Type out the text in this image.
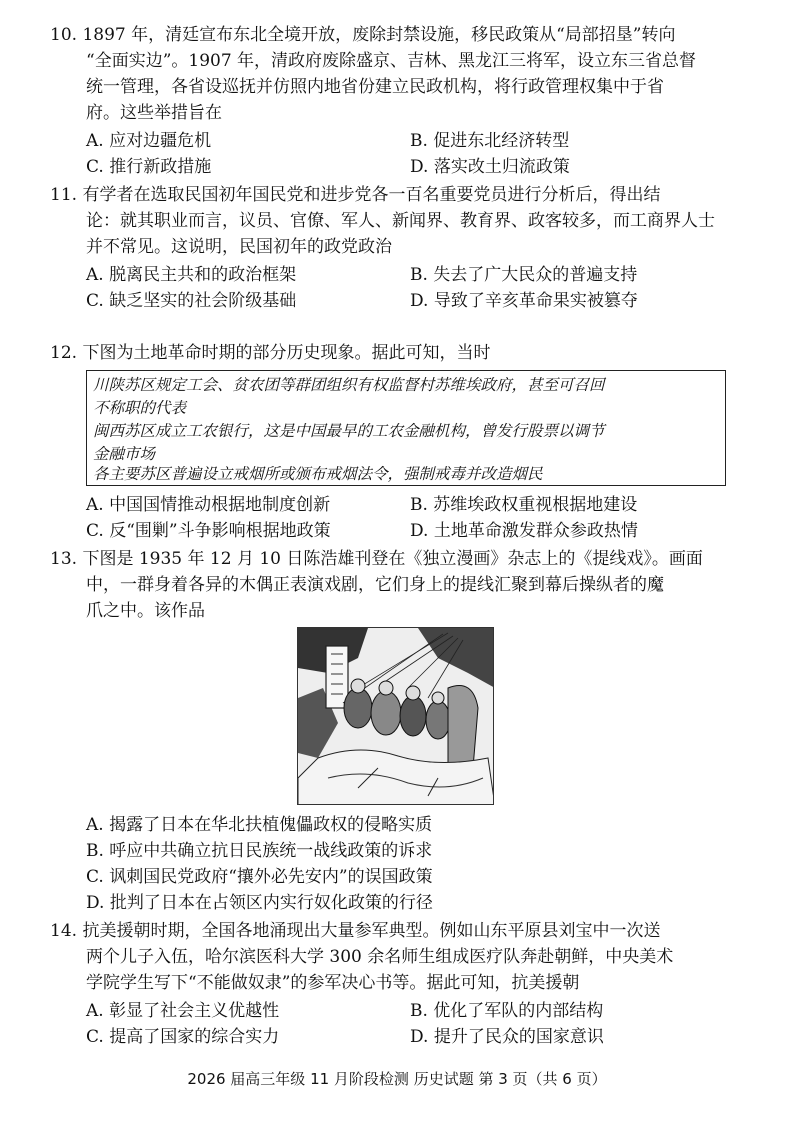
10. 1897 年，清廷宣布东北全境开放，废除封禁设施，移民政策从“局部招垦”转向
“全面实边”。1907 年，清政府废除盛京、吉林、黑龙江三将军，设立东三省总督
统一管理，各省设巡抚并仿照内地省份建立民政机构，将行政管理权集中于省
府。这些举措旨在
A. 应对边疆危机	B. 促进东北经济转型
C. 推行新政措施	D. 落实改土归流政策
11. 有学者在选取民国初年国民党和进步党各一百名重要党员进行分析后，得出结
论：就其职业而言，议员、官僚、军人、新闻界、教育界、政客较多，而工商界人士
并不常见。这说明，民国初年的政党政治
A. 脱离民主共和的政治框架	B. 失去了广大民众的普遍支持
C. 缺乏坚实的社会阶级基础	D. 导致了辛亥革命果实被篡夺
12. 下图为土地革命时期的部分历史现象。据此可知，当时
川陕苏区规定工会、贫农团等群团组织有权监督村苏维埃政府，甚至可召回
不称职的代表
闽西苏区成立工农银行，这是中国最早的工农金融机构，曾发行股票以调节
金融市场
各主要苏区普遍设立戒烟所或颁布戒烟法令，强制戒毒并改造烟民
A. 中国国情推动根据地制度创新	B. 苏维埃政权重视根据地建设
C. 反“围剿”斗争影响根据地政策	D. 土地革命激发群众参政热情
13. 下图是 1935 年 12 月 10 日陈浩雄刊登在《独立漫画》杂志上的《提线戏》。画面
中，一群身着各异的木偶正表演戏剧，它们身上的提线汇聚到幕后操纵者的魔
爪之中。该作品
A. 揭露了日本在华北扶植傀儡政权的侵略实质
B. 呼应中共确立抗日民族统一战线政策的诉求
C. 讽刺国民党政府“攘外必先安内”的误国政策
D. 批判了日本在占领区内实行奴化政策的行径
14. 抗美援朝时期，全国各地涌现出大量参军典型。例如山东平原县刘宝中一次送
两个儿子入伍，哈尔滨医科大学 300 余名师生组成医疗队奔赴朝鲜，中央美术
学院学生写下“不能做奴隶”的参军决心书等。据此可知，抗美援朝
A. 彰显了社会主义优越性	B. 优化了军队的内部结构
C. 提高了国家的综合实力	D. 提升了民众的国家意识
2026 届高三年级 11 月阶段检测 历史试题 第 3 页（共 6 页）
